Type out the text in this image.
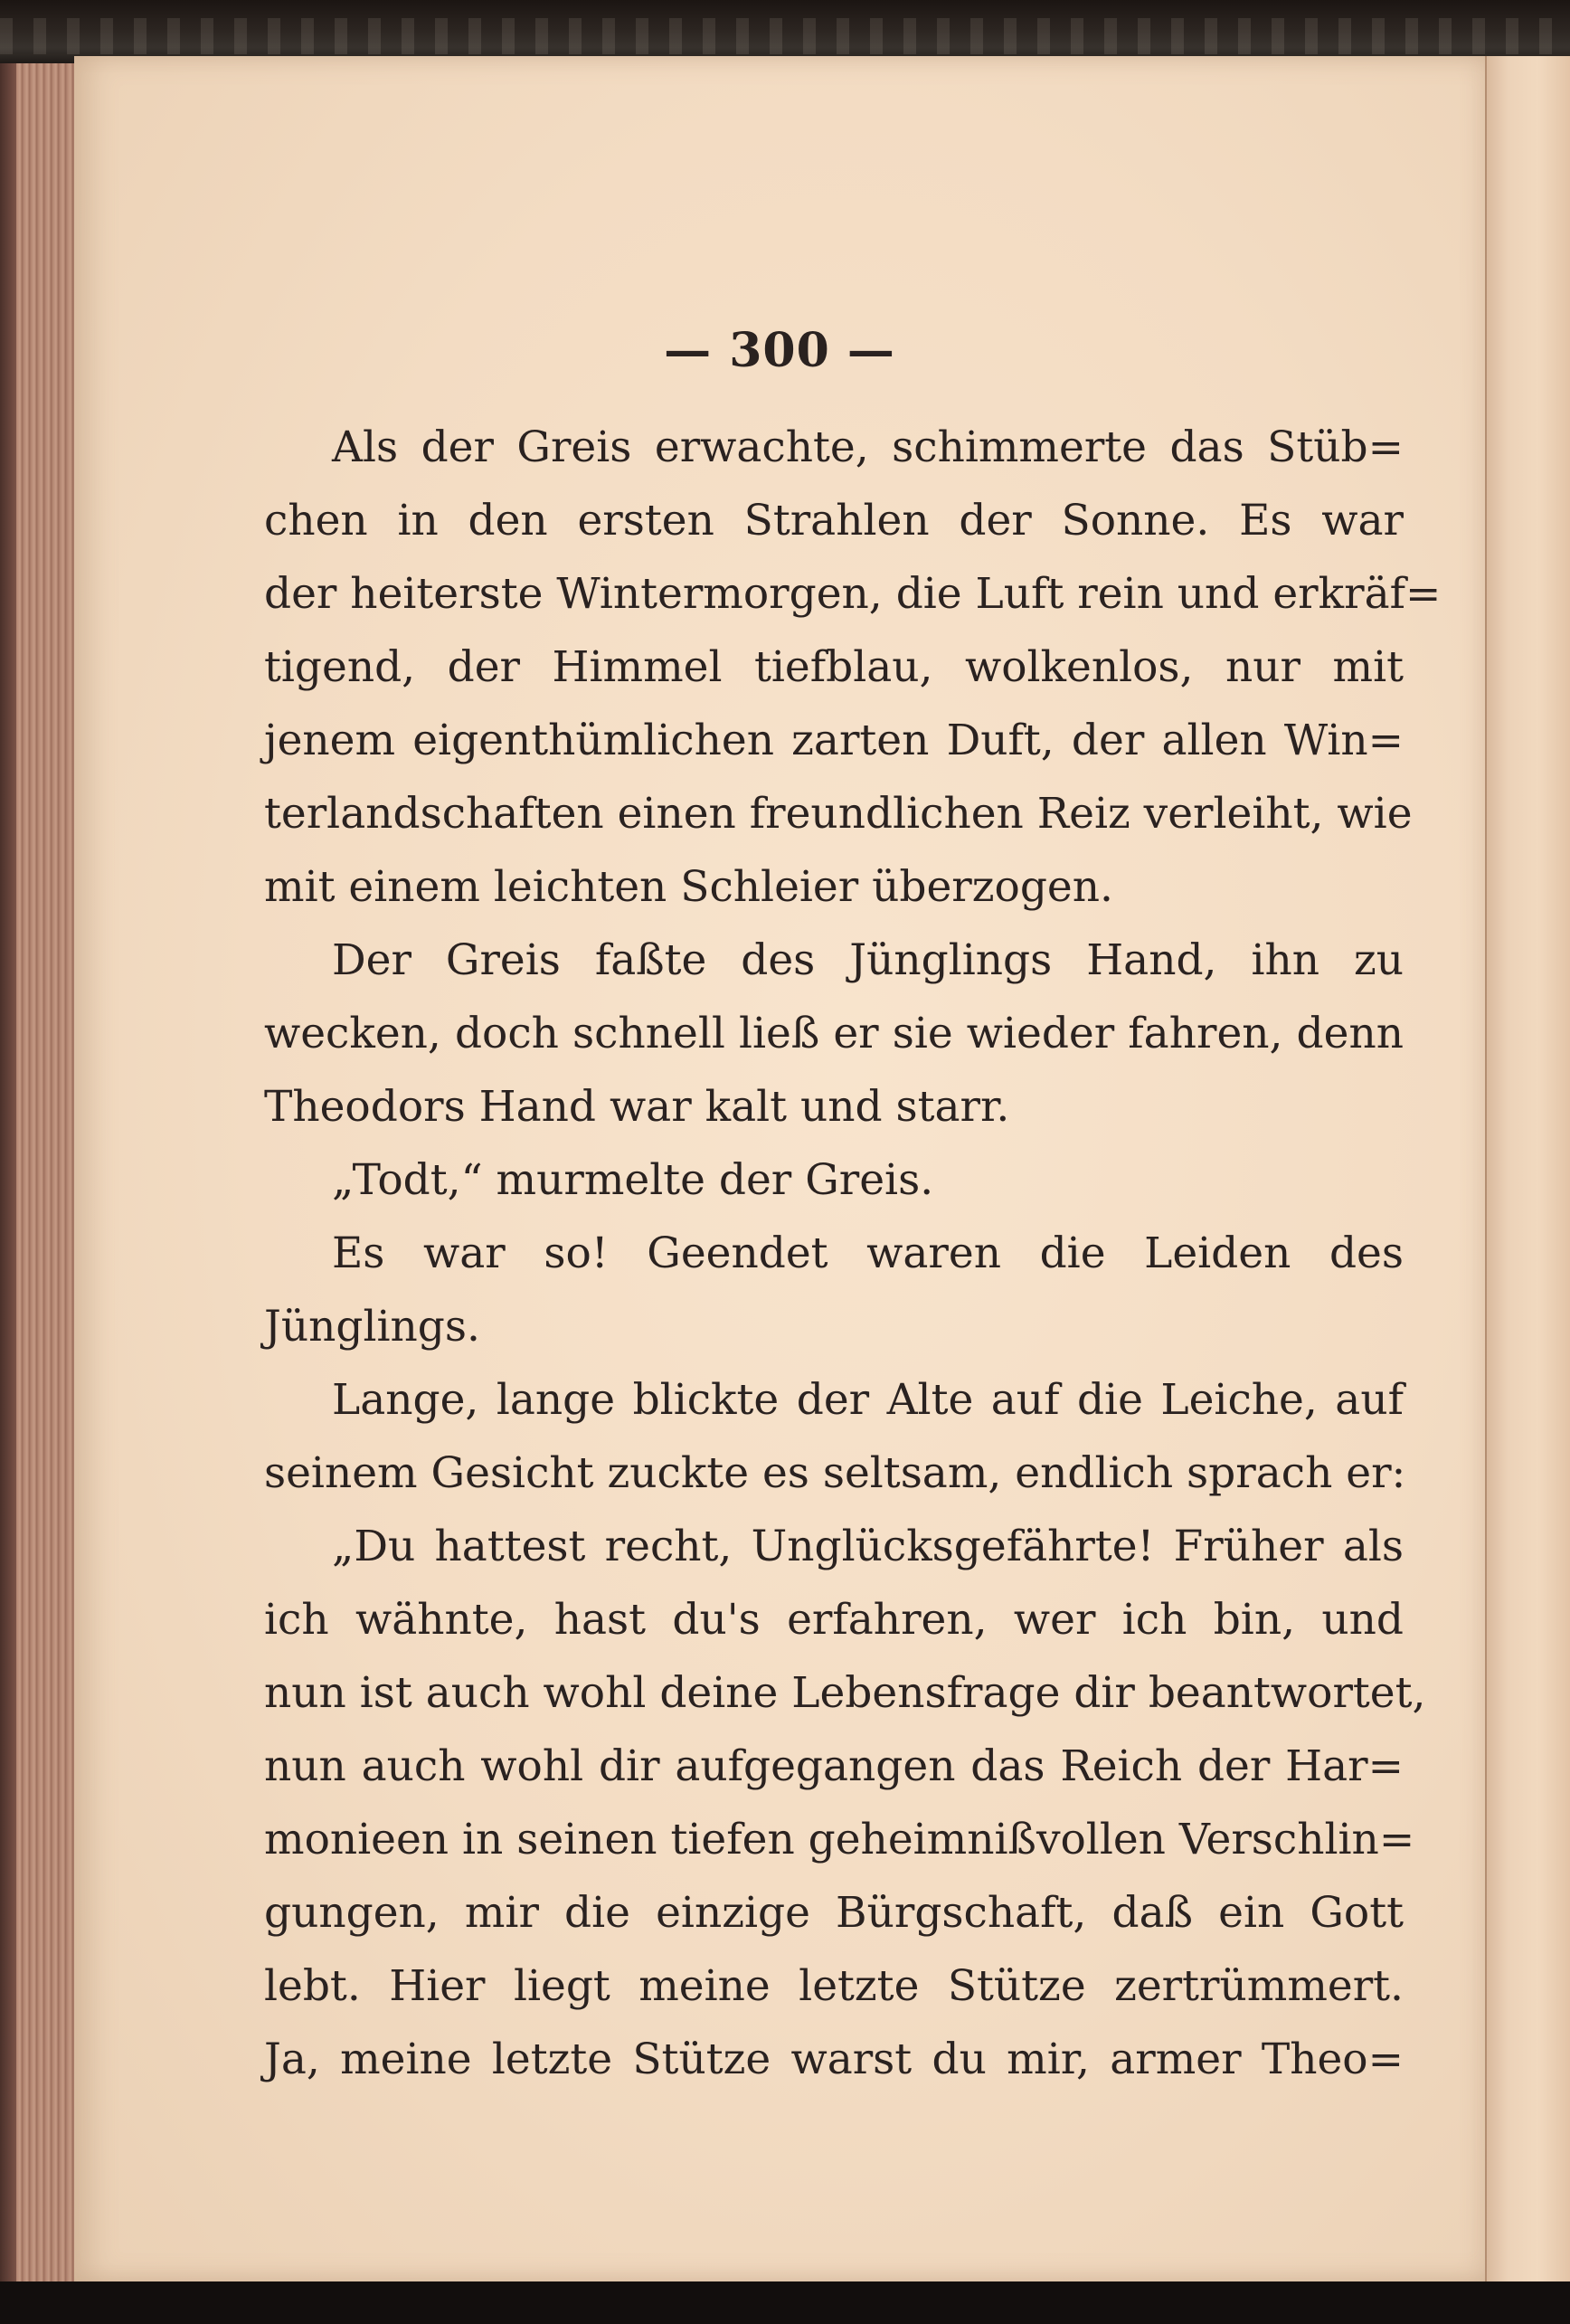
— 300 —

Als der Greis erwachte, schimmerte das Stüb=
chen in den ersten Strahlen der Sonne. Es war
der heiterste Wintermorgen, die Luft rein und erkräf=
tigend, der Himmel tiefblau, wolkenlos, nur mit
jenem eigenthümlichen zarten Duft, der allen Win=
terlandschaften einen freundlichen Reiz verleiht, wie
mit einem leichten Schleier überzogen.
Der Greis faßte des Jünglings Hand, ihn zu
wecken, doch schnell ließ er sie wieder fahren, denn
Theodors Hand war kalt und starr.
„Todt,“ murmelte der Greis.
Es war so! Geendet waren die Leiden des
Jünglings.
Lange, lange blickte der Alte auf die Leiche, auf
seinem Gesicht zuckte es seltsam, endlich sprach er:
„Du hattest recht, Unglücksgefährte! Früher als
ich wähnte, hast du's erfahren, wer ich bin, und
nun ist auch wohl deine Lebensfrage dir beantwortet,
nun auch wohl dir aufgegangen das Reich der Har=
monieen in seinen tiefen geheimnißvollen Verschlin=
gungen, mir die einzige Bürgschaft, daß ein Gott
lebt. Hier liegt meine letzte Stütze zertrümmert.
Ja, meine letzte Stütze warst du mir, armer Theo=
